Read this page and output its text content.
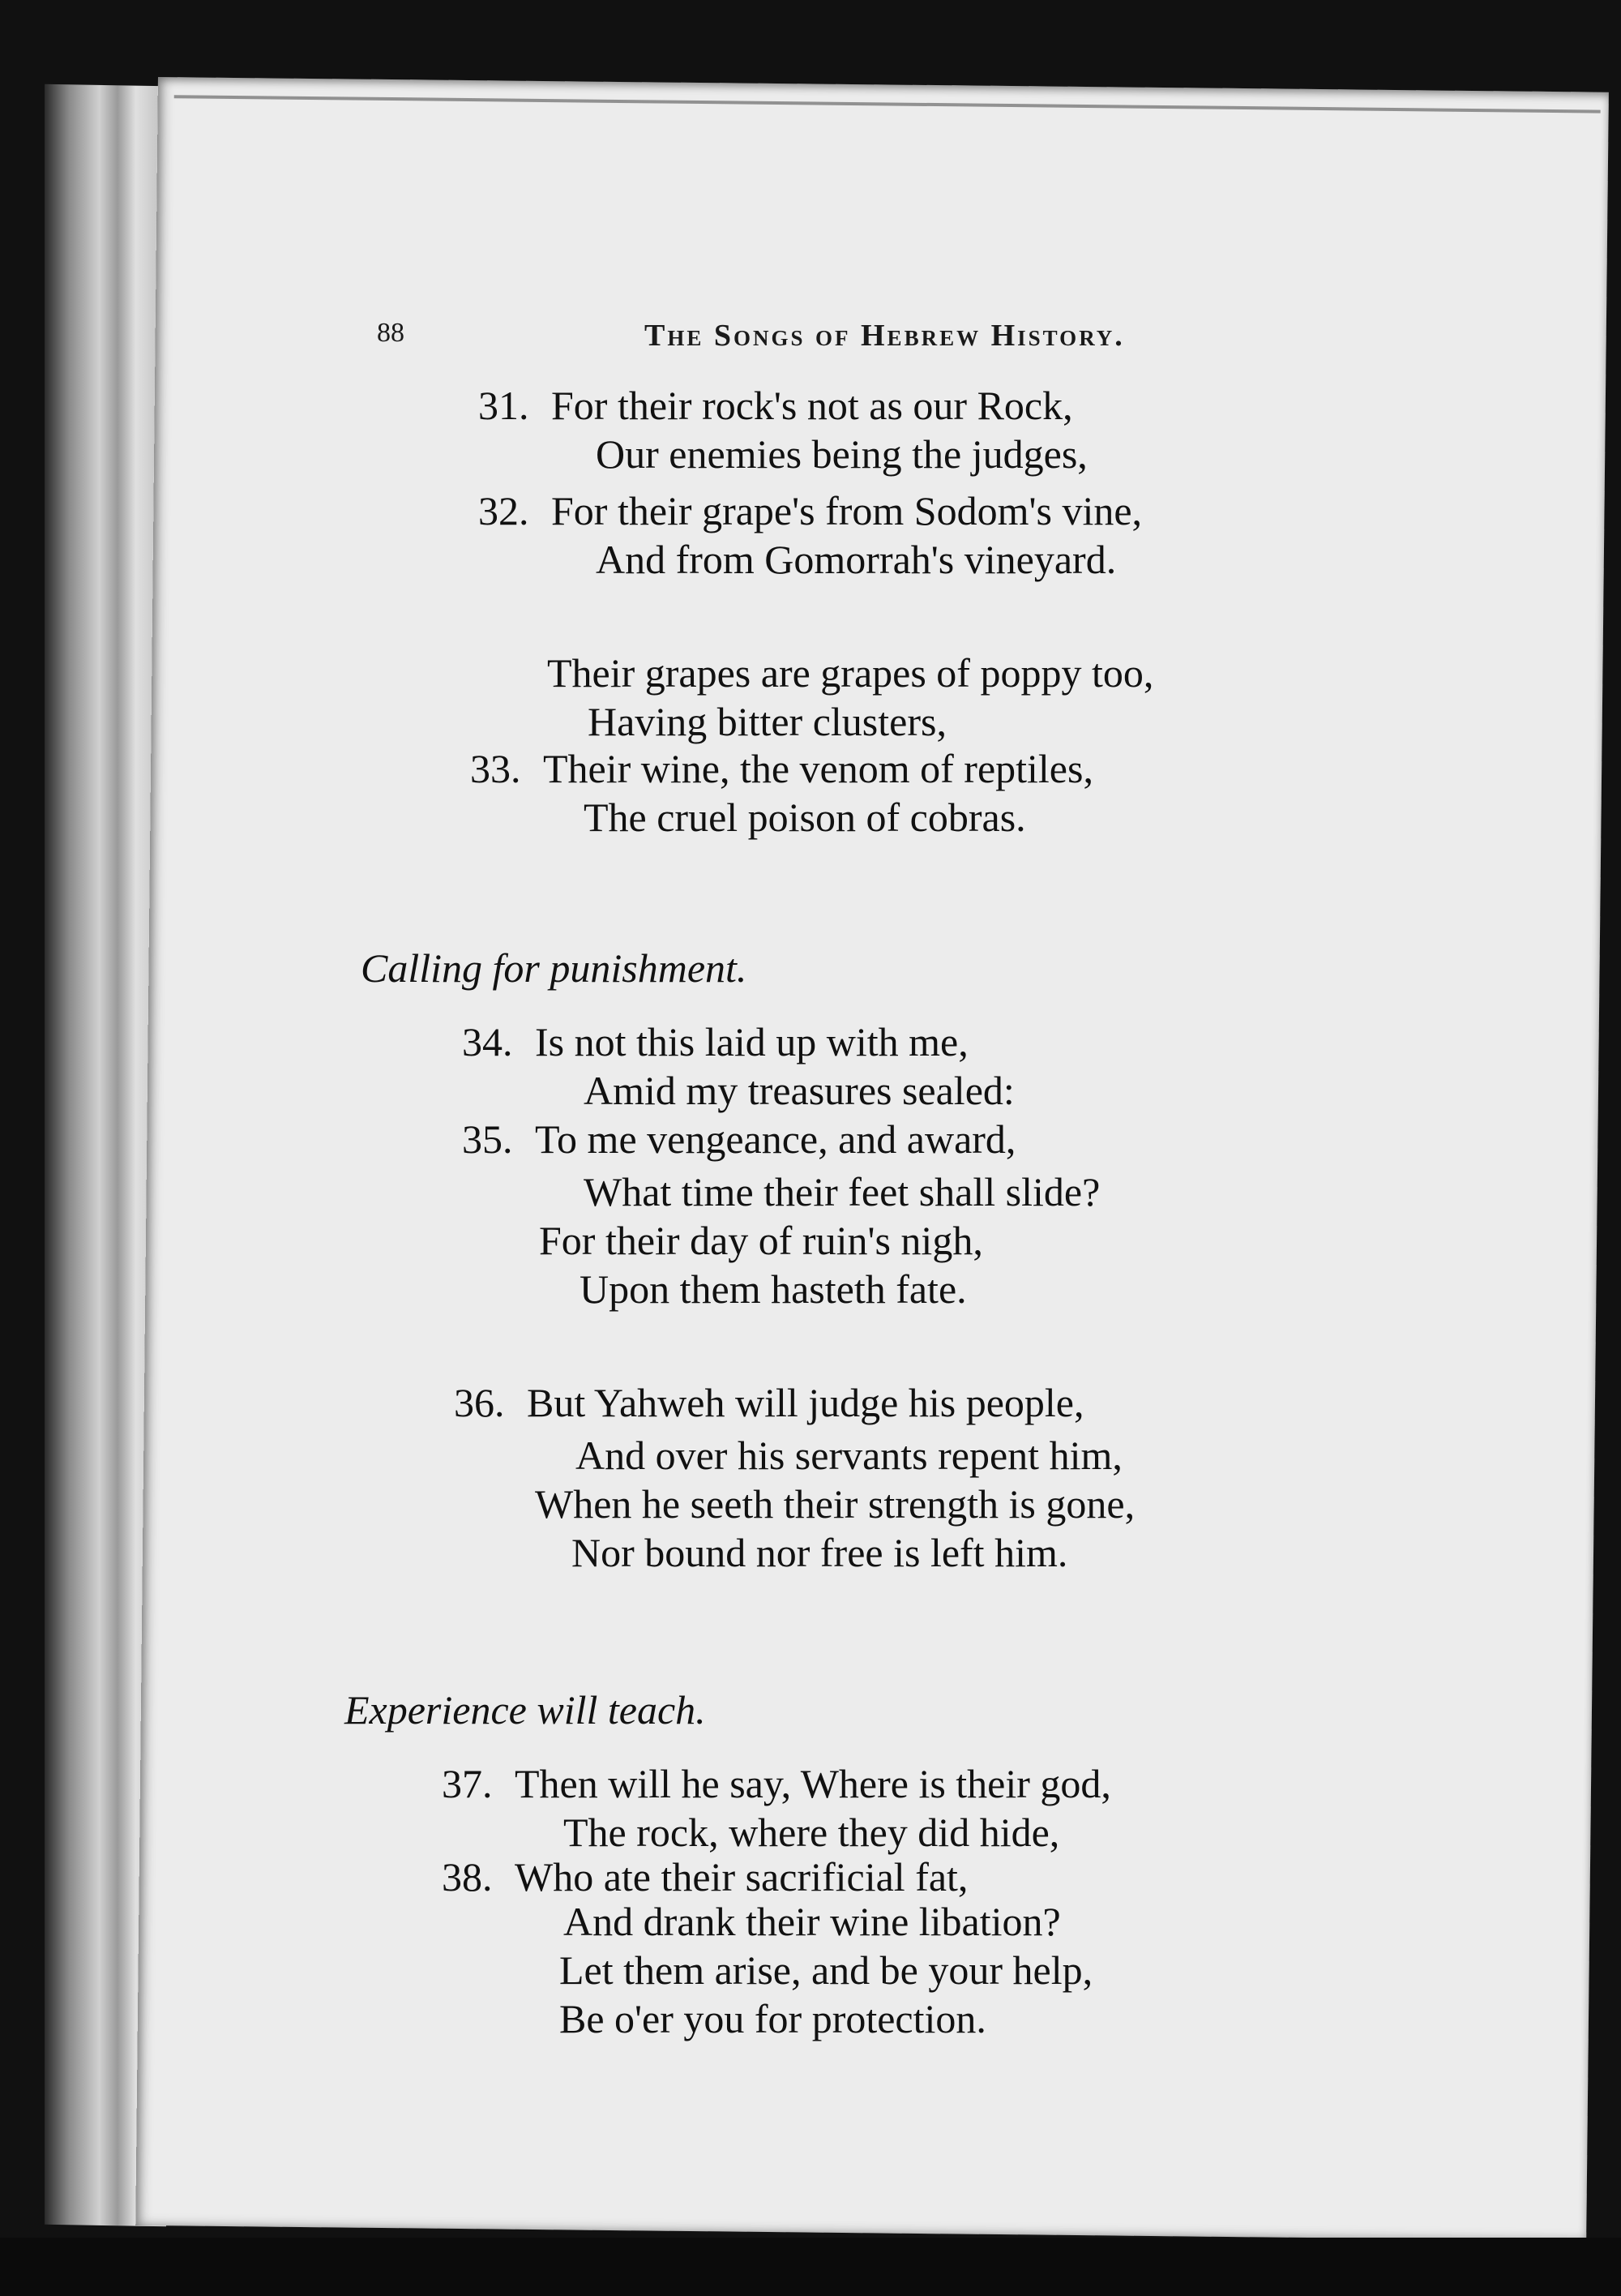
88	The Songs of Hebrew History.
31. For their rock's not as our Rock,
Our enemies being the judges,
32. For their grape's from Sodom's vine,
And from Gomorrah's vineyard.
Their grapes are grapes of poppy too,
Having bitter clusters,
33. Their wine, the venom of reptiles,
The cruel poison of cobras.
Calling for punishment.
34. Is not this laid up with me,
Amid my treasures sealed:
35. To me vengeance, and award,
What time their feet shall slide?
For their day of ruin's nigh,
Upon them hasteth fate.
36. But Yahweh will judge his people,
And over his servants repent him,
When he seeth their strength is gone,
Nor bound nor free is left him.
Experience will teach.
37. Then will he say, Where is their god,
The rock, where they did hide,
38. Who ate their sacrificial fat,
And drank their wine libation?
Let them arise, and be your help,
Be o'er you for protection.
